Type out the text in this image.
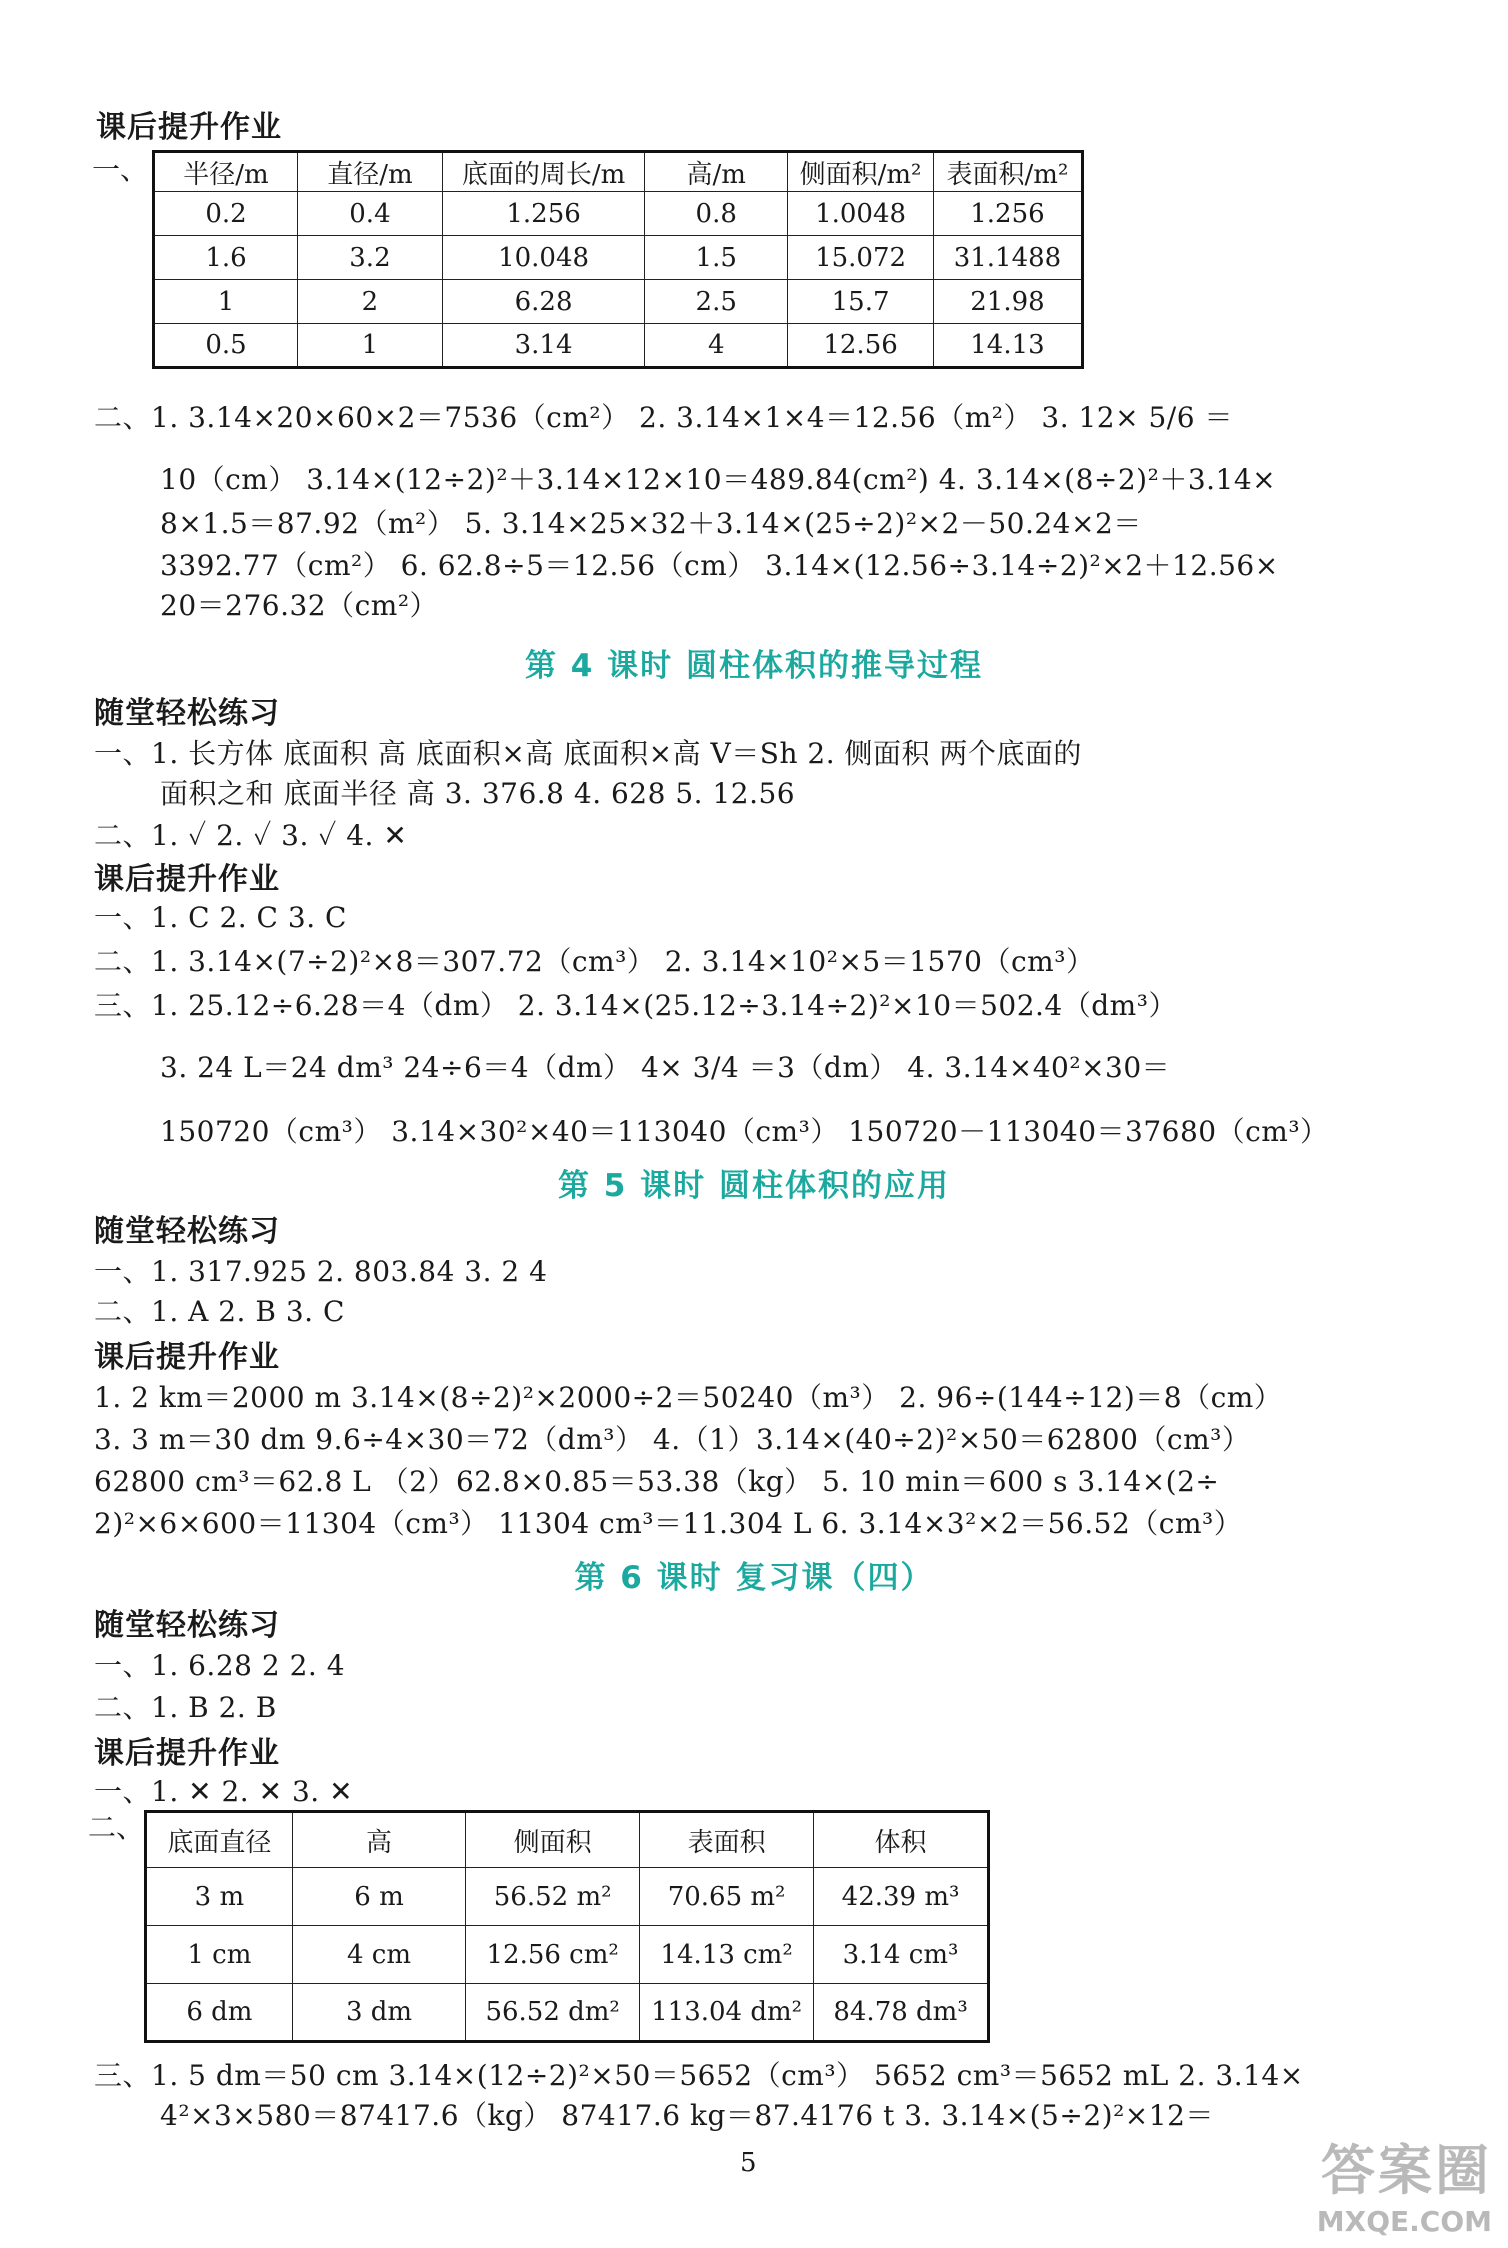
课后提升作业
一、 半径/m	直径/m	底面的周长/m	高/m	侧面积/m²	表面积/m²
0.2	0.4	1.256	0.8	1.0048	1.256
1.6	3.2	10.048	1.5	15.072	31.1488
1	2	6.28	2.5	15.7	21.98
0.5	1	3.14	4	12.56	14.13
二、1. 3.14×20×60×2＝7536（cm²） 2. 3.14×1×4＝12.56（m²） 3. 12× 5/6 ＝
10（cm） 3.14×(12÷2)²＋3.14×12×10＝489.84(cm²) 4. 3.14×(8÷2)²＋3.14×
8×1.5＝87.92（m²） 5. 3.14×25×32＋3.14×(25÷2)²×2－50.24×2＝
3392.77（cm²） 6. 62.8÷5＝12.56（cm） 3.14×(12.56÷3.14÷2)²×2＋12.56×
20＝276.32（cm²）
第 4 课时 圆柱体积的推导过程
随堂轻松练习
一、1. 长方体 底面积 高 底面积×高 底面积×高 V＝Sh 2. 侧面积 两个底面的
面积之和 底面半径 高 3. 376.8 4. 628 5. 12.56
二、1. ✓ 2. ✓ 3. ✓ 4. ✕
课后提升作业
一、1. C 2. C 3. C
二、1. 3.14×(7÷2)²×8＝307.72（cm³） 2. 3.14×10²×5＝1570（cm³）
三、1. 25.12÷6.28＝4（dm） 2. 3.14×(25.12÷3.14÷2)²×10＝502.4（dm³）
3. 24 L＝24 dm³ 24÷6＝4（dm） 4× 3/4 ＝3（dm） 4. 3.14×40²×30＝
150720（cm³） 3.14×30²×40＝113040（cm³） 150720－113040＝37680（cm³）
第 5 课时 圆柱体积的应用
随堂轻松练习
一、1. 317.925 2. 803.84 3. 2 4
二、1. A 2. B 3. C
课后提升作业
1. 2 km＝2000 m 3.14×(8÷2)²×2000÷2＝50240（m³） 2. 96÷(144÷12)＝8（cm）
3. 3 m＝30 dm 9.6÷4×30＝72（dm³） 4.（1）3.14×(40÷2)²×50＝62800（cm³）
62800 cm³＝62.8 L （2）62.8×0.85＝53.38（kg） 5. 10 min＝600 s 3.14×(2÷
2)²×6×600＝11304（cm³） 11304 cm³＝11.304 L 6. 3.14×3²×2＝56.52（cm³）
第 6 课时 复习课（四）
随堂轻松练习
一、1. 6.28 2 2. 4
二、1. B 2. B
课后提升作业
一、1. ✕ 2. ✕ 3. ✕
二、 底面直径	高	侧面积	表面积	体积
3 m	6 m	56.52 m²	70.65 m²	42.39 m³
1 cm	4 cm	12.56 cm²	14.13 cm²	3.14 cm³
6 dm	3 dm	56.52 dm²	113.04 dm²	84.78 dm³
三、1. 5 dm＝50 cm 3.14×(12÷2)²×50＝5652（cm³） 5652 cm³＝5652 mL 2. 3.14×
4²×3×580＝87417.6（kg） 87417.6 kg＝87.4176 t 3. 3.14×(5÷2)²×12＝
5	答案圈
MXQE.COM
